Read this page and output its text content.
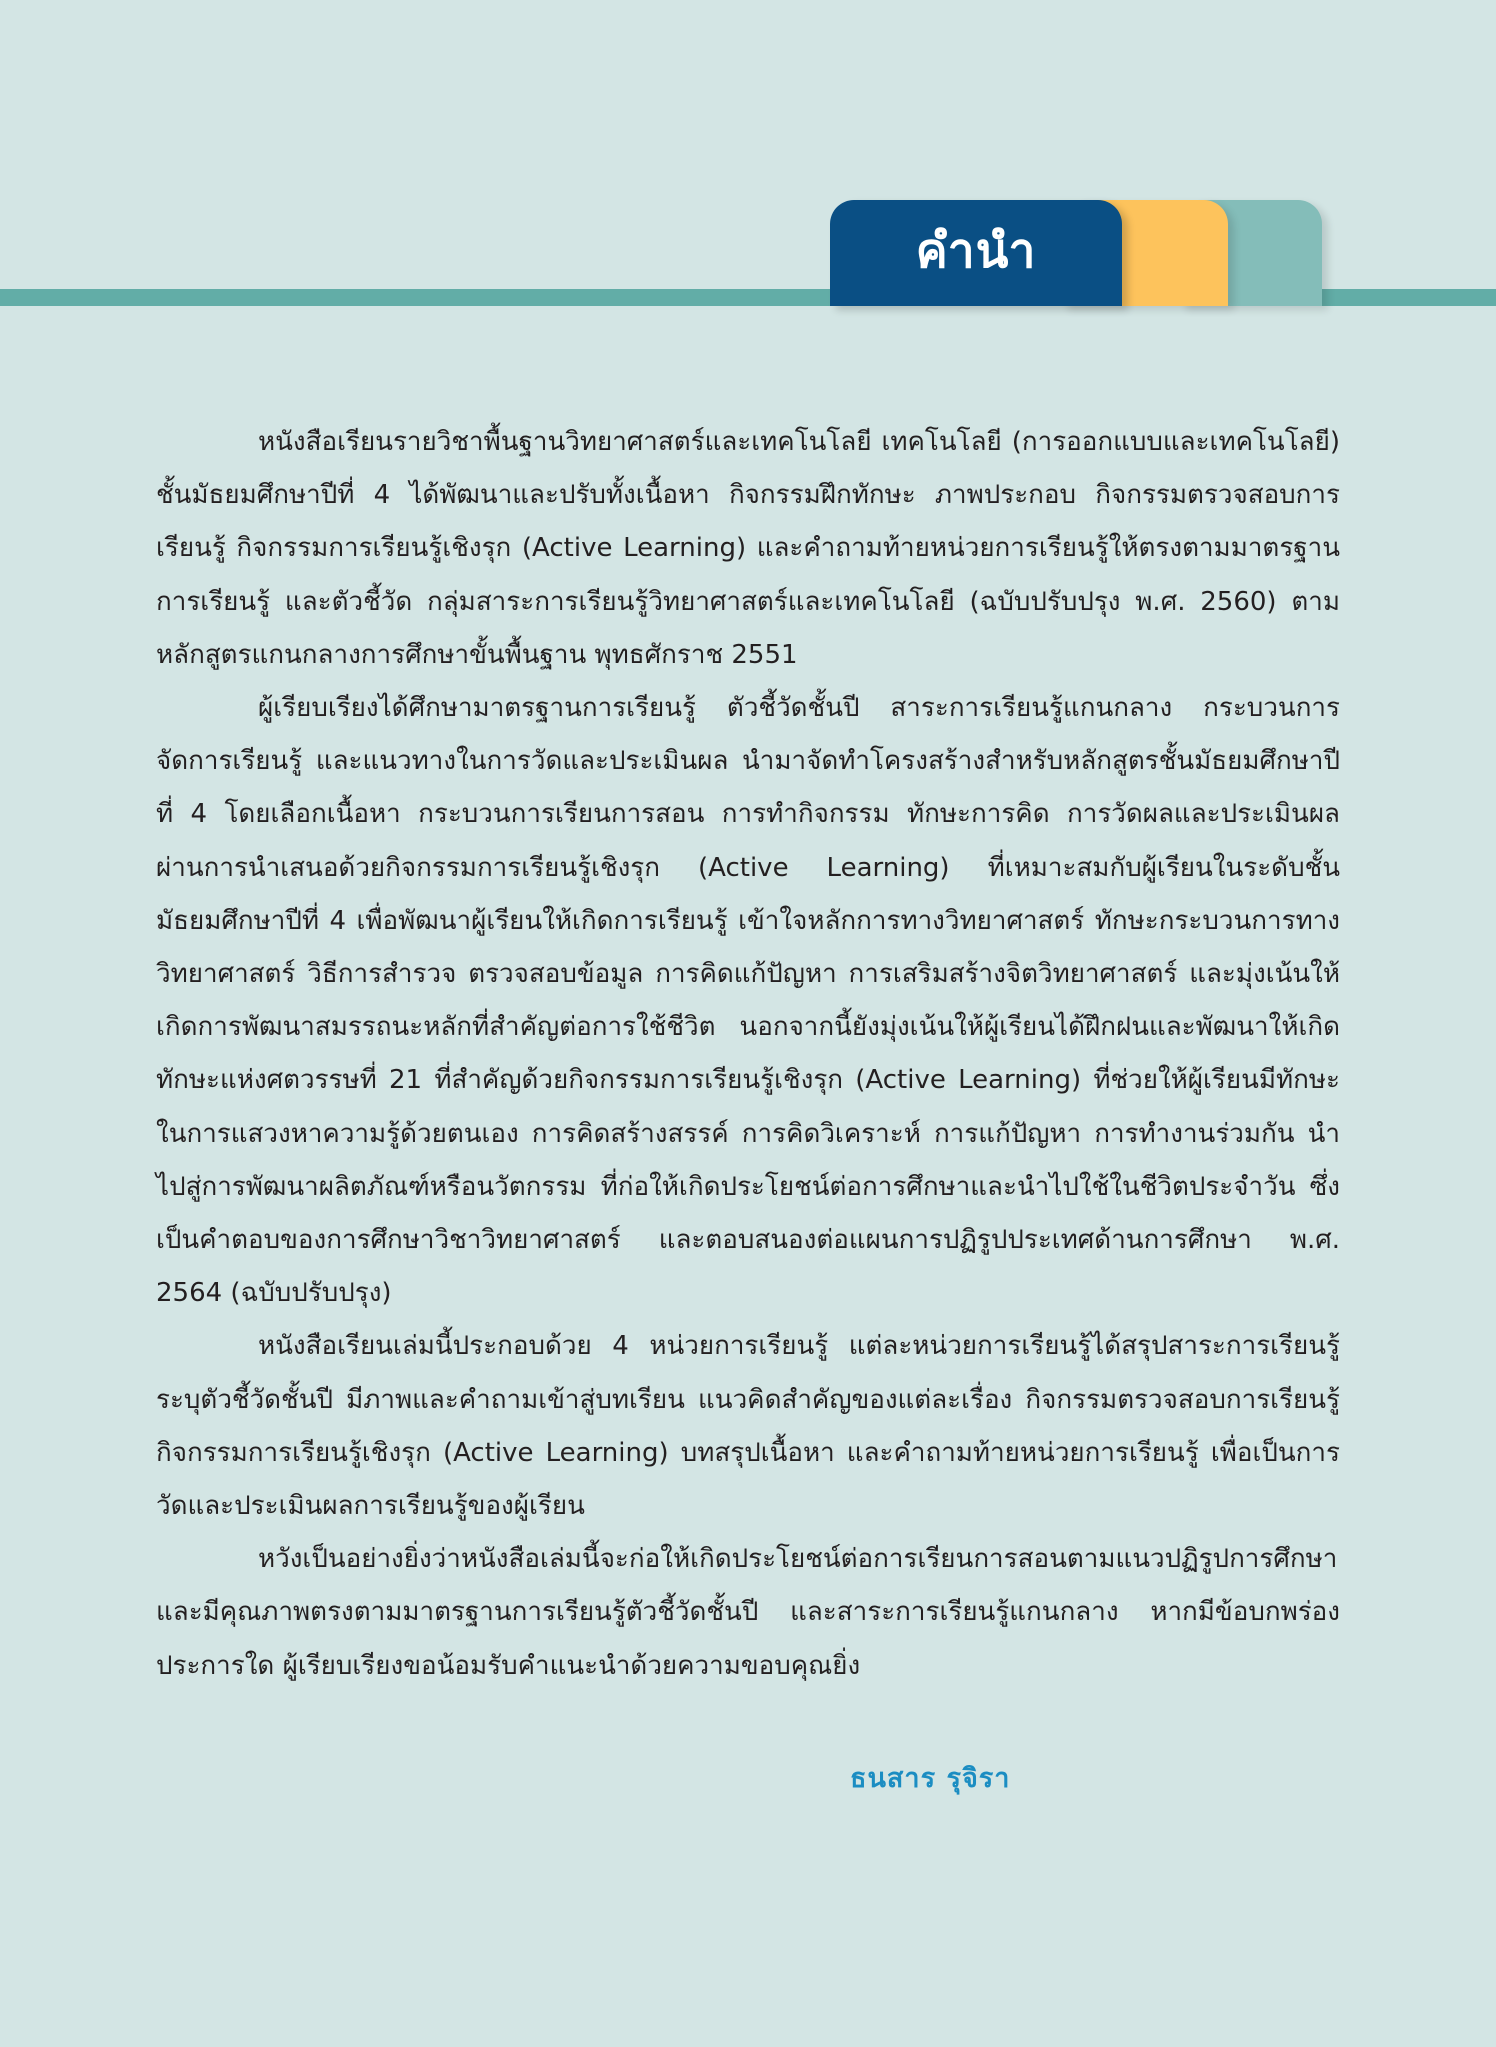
คำนำ

หนังสือเรียนรายวิชาพื้นฐานวิทยาศาสตร์และเทคโนโลยี เทคโนโลยี (การออกแบบและเทคโนโลยี) ชั้นมัธยมศึกษาปีที่ 4 ได้พัฒนาและปรับทั้งเนื้อหา กิจกรรมฝึกทักษะ ภาพประกอบ กิจกรรมตรวจสอบการเรียนรู้ กิจกรรมการเรียนรู้เชิงรุก (Active Learning) และคำถามท้ายหน่วยการเรียนรู้ให้ตรงตามมาตรฐานการเรียนรู้ และตัวชี้วัด กลุ่มสาระการเรียนรู้วิทยาศาสตร์และเทคโนโลยี (ฉบับปรับปรุง พ.ศ. 2560) ตามหลักสูตรแกนกลางการศึกษาขั้นพื้นฐาน พุทธศักราช 2551

ผู้เรียบเรียงได้ศึกษามาตรฐานการเรียนรู้ ตัวชี้วัดชั้นปี สาระการเรียนรู้แกนกลาง กระบวนการจัดการเรียนรู้ และแนวทางในการวัดและประเมินผล นำมาจัดทำโครงสร้างสำหรับหลักสูตรชั้นมัธยมศึกษาปีที่ 4 โดยเลือกเนื้อหา กระบวนการเรียนการสอน การทำกิจกรรม ทักษะการคิด การวัดผลและประเมินผล ผ่านการนำเสนอด้วยกิจกรรมการเรียนรู้เชิงรุก (Active Learning) ที่เหมาะสมกับผู้เรียนในระดับชั้นมัธยมศึกษาปีที่ 4 เพื่อพัฒนาผู้เรียนให้เกิดการเรียนรู้ เข้าใจหลักการทางวิทยาศาสตร์ ทักษะกระบวนการทางวิทยาศาสตร์ วิธีการสำรวจ ตรวจสอบข้อมูล การคิดแก้ปัญหา การเสริมสร้างจิตวิทยาศาสตร์ และมุ่งเน้นให้เกิดการพัฒนาสมรรถนะหลักที่สำคัญต่อการใช้ชีวิต นอกจากนี้ยังมุ่งเน้นให้ผู้เรียนได้ฝึกฝนและพัฒนาให้เกิดทักษะแห่งศตวรรษที่ 21 ที่สำคัญด้วยกิจกรรมการเรียนรู้เชิงรุก (Active Learning) ที่ช่วยให้ผู้เรียนมีทักษะในการแสวงหาความรู้ด้วยตนเอง การคิดสร้างสรรค์ การคิดวิเคราะห์ การแก้ปัญหา การทำงานร่วมกัน นำไปสู่การพัฒนาผลิตภัณฑ์หรือนวัตกรรม ที่ก่อให้เกิดประโยชน์ต่อการศึกษาและนำไปใช้ในชีวิตประจำวัน ซึ่งเป็นคำตอบของการศึกษาวิชาวิทยาศาสตร์ และตอบสนองต่อแผนการปฏิรูปประเทศด้านการศึกษา พ.ศ. 2564 (ฉบับปรับปรุง)

หนังสือเรียนเล่มนี้ประกอบด้วย 4 หน่วยการเรียนรู้ แต่ละหน่วยการเรียนรู้ได้สรุปสาระการเรียนรู้ ระบุตัวชี้วัดชั้นปี มีภาพและคำถามเข้าสู่บทเรียน แนวคิดสำคัญของแต่ละเรื่อง กิจกรรมตรวจสอบการเรียนรู้ กิจกรรมการเรียนรู้เชิงรุก (Active Learning) บทสรุปเนื้อหา และคำถามท้ายหน่วยการเรียนรู้ เพื่อเป็นการวัดและประเมินผลการเรียนรู้ของผู้เรียน

หวังเป็นอย่างยิ่งว่าหนังสือเล่มนี้จะก่อให้เกิดประโยชน์ต่อการเรียนการสอนตามแนวปฏิรูปการศึกษาและมีคุณภาพตรงตามมาตรฐานการเรียนรู้ตัวชี้วัดชั้นปี และสาระการเรียนรู้แกนกลาง หากมีข้อบกพร่องประการใด ผู้เรียบเรียงขอน้อมรับคำแนะนำด้วยความขอบคุณยิ่ง

ธนสาร รุจิรา
